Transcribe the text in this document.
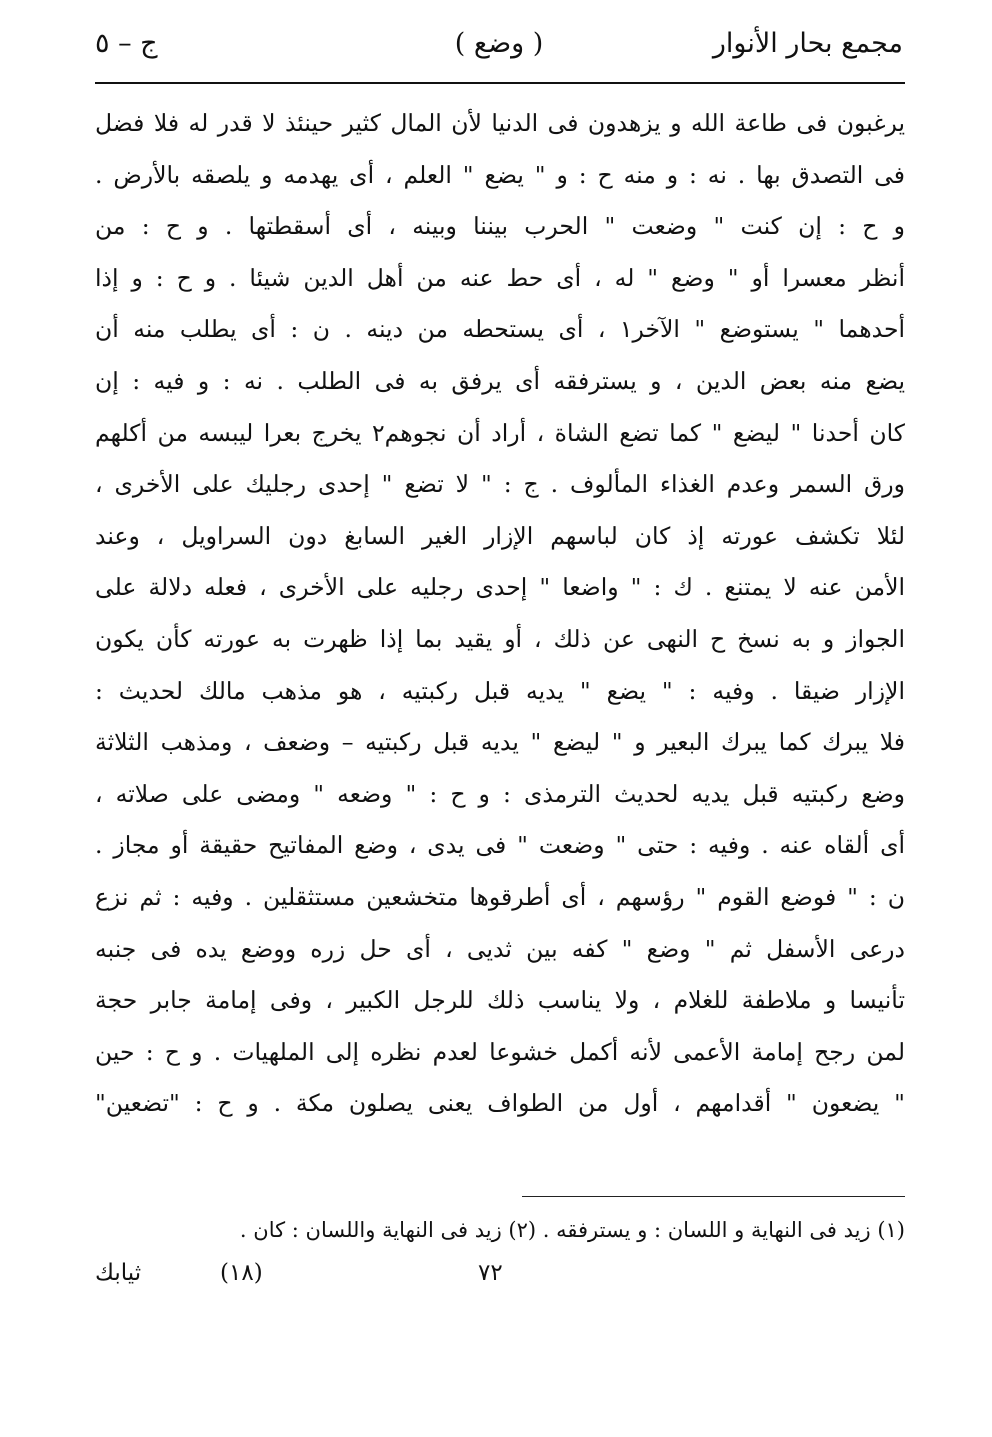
مجمع بحار الأنوار
( وضع )
ج – ٥
يرغبون فى طاعة الله و يزهدون فى الدنيا لأن المال كثير حينئذ لا قدر له فلا فضل
فى التصدق بها . نه : و منه ح : و " يضع " العلم ، أى يهدمه و يلصقه بالأرض .
و ح : إن كنت " وضعت " الحرب بيننا وبينه ، أى أسقطتها . و ح : من
أنظر معسرا أو " وضع " له ، أى حط عنه من أهل الدين شيئا . و ح : و إذا
أحدهما " يستوضع " الآخر١ ، أى يستحطه من دينه . ن : أى يطلب منه أن
يضع منه بعض الدين ، و يسترفقه أى يرفق به فى الطلب . نه : و فيه : إن
كان أحدنا " ليضع " كما تضع الشاة ، أراد أن نجوهم٢ يخرج بعرا ليبسه من أكلهم
ورق السمر وعدم الغذاء المألوف . ج : " لا تضع " إحدى رجليك على الأخرى ،
لئلا تكشف عورته إذ كان لباسهم الإزار الغير السابغ دون السراويل ، وعند
الأمن عنه لا يمتنع . ك : " واضعا " إحدى رجليه على الأخرى ، فعله دلالة على
الجواز و به نسخ ح النهى عن ذلك ، أو يقيد بما إذا ظهرت به عورته كأن يكون
الإزار ضيقا . وفيه : " يضع " يديه قبل ركبتيه ، هو مذهب مالك لحديث :
فلا يبرك كما يبرك البعير و " ليضع " يديه قبل ركبتيه – وضعف ، ومذهب الثلاثة
وضع ركبتيه قبل يديه لحديث الترمذى : و ح : " وضعه " ومضى على صلاته ،
أى ألقاه عنه . وفيه : حتى " وضعت " فى يدى ، وضع المفاتيح حقيقة أو مجاز .
ن : " فوضع القوم " رؤسهم ، أى أطرقوها متخشعين مستثقلين . وفيه : ثم نزع
درعى الأسفل ثم " وضع " كفه بين ثديى ، أى حل زره ووضع يده فى جنبه
تأنيسا و ملاطفة للغلام ، ولا يناسب ذلك للرجل الكبير ، وفى إمامة جابر حجة
لمن رجح إمامة الأعمى لأنه أكمل خشوعا لعدم نظره إلى الملهيات . و ح : حين
" يضعون " أقدامهم ، أول من الطواف يعنى يصلون مكة . و ح : "تضعين"
(١) زيد فى النهاية و اللسان : و يسترفقه . (٢) زيد فى النهاية واللسان : كان .
٧٢
(١٨)
ثيابك
